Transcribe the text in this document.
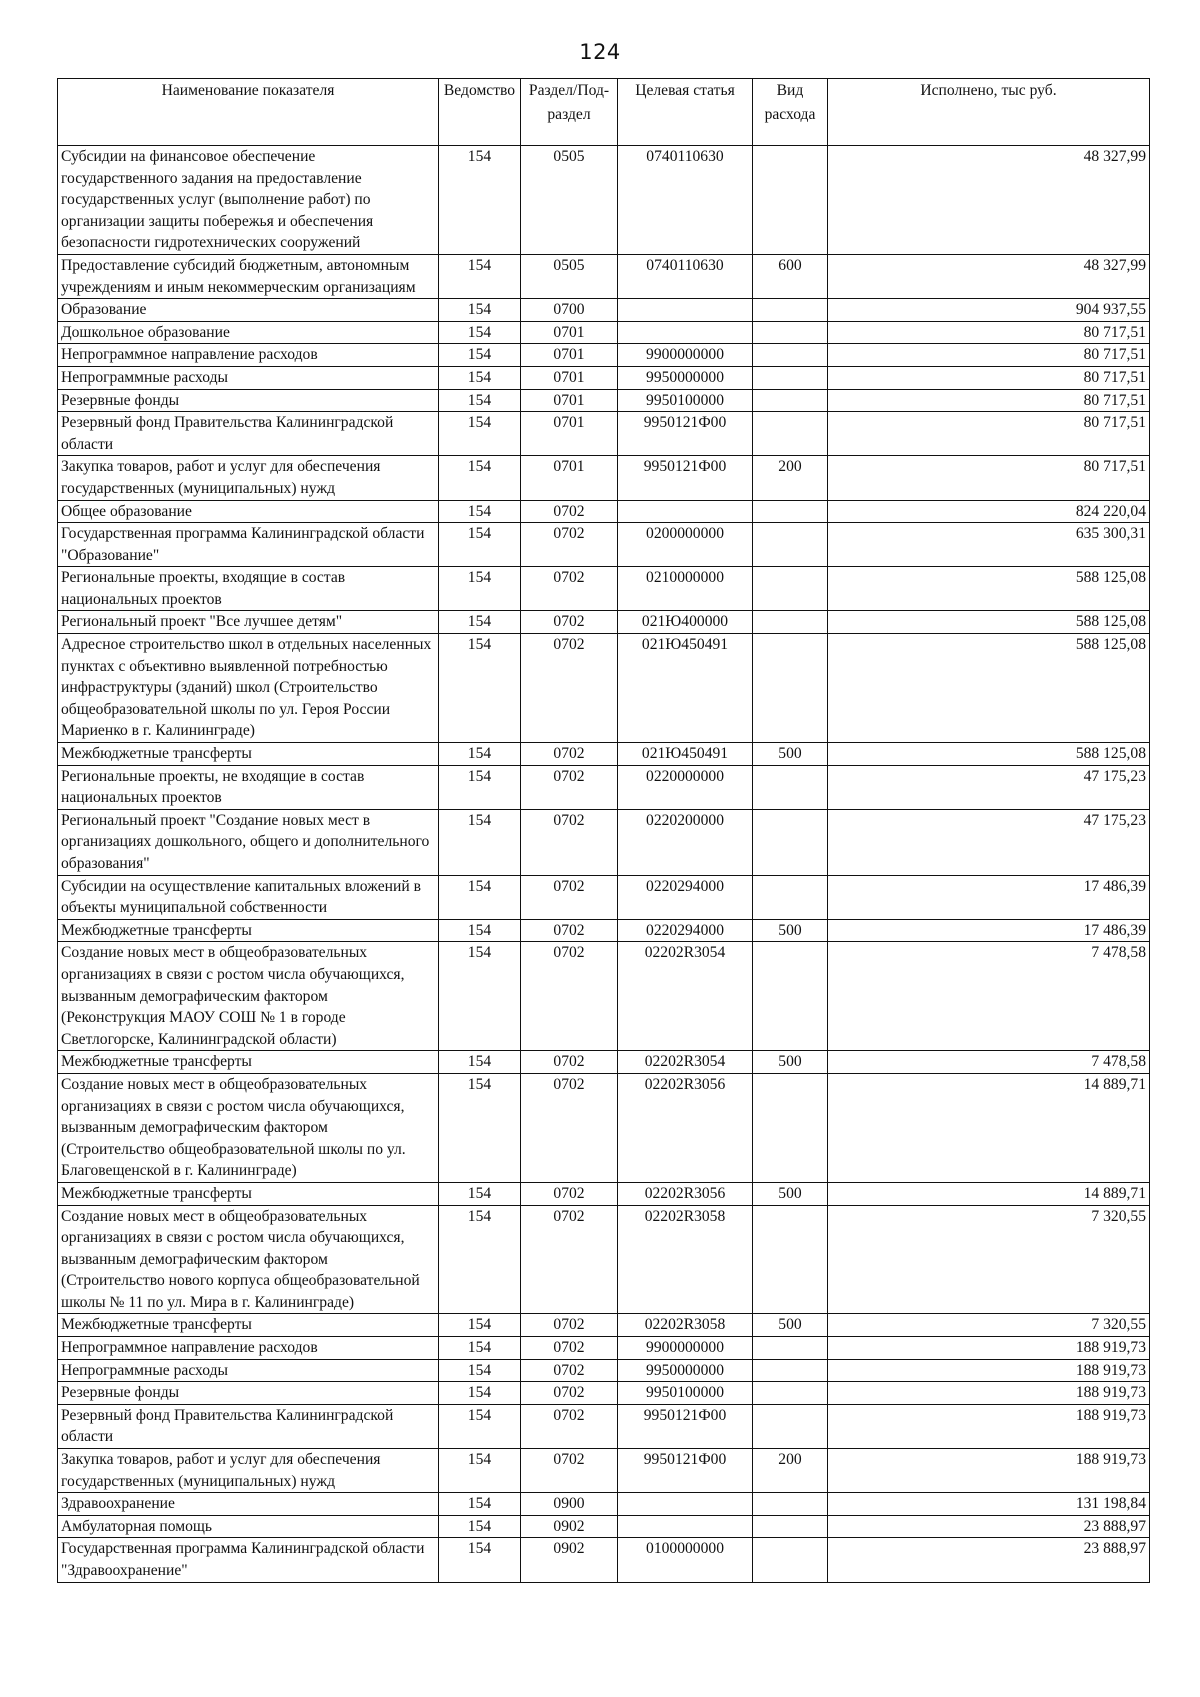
124
Наименование показателя	Ведомство	Раздел/Под-раздел	Целевая статья	Вид расхода	Исполнено, тыс руб.
Субсидии на финансовое обеспечение государственного задания на предоставление государственных услуг (выполнение работ) по организации защиты побережья и обеспечения безопасности гидротехнических сооружений	154	0505	0740110630		48 327,99
Предоставление субсидий бюджетным, автономным учреждениям и иным некоммерческим организациям	154	0505	0740110630	600	48 327,99
Образование	154	0700			904 937,55
Дошкольное образование	154	0701			80 717,51
Непрограммное направление расходов	154	0701	9900000000		80 717,51
Непрограммные расходы	154	0701	9950000000		80 717,51
Резервные фонды	154	0701	9950100000		80 717,51
Резервный фонд Правительства Калининградской области	154	0701	9950121Ф00		80 717,51
Закупка товаров, работ и услуг для обеспечения государственных (муниципальных) нужд	154	0701	9950121Ф00	200	80 717,51
Общее образование	154	0702			824 220,04
Государственная программа Калининградской области "Образование"	154	0702	0200000000		635 300,31
Региональные проекты, входящие в состав национальных проектов	154	0702	0210000000		588 125,08
Региональный проект "Все лучшее детям"	154	0702	021Ю400000		588 125,08
Адресное строительство школ в отдельных населенных пунктах с объективно выявленной потребностью инфраструктуры (зданий) школ (Строительство общеобразовательной школы по ул. Героя России Мариенко в г. Калининграде)	154	0702	021Ю450491		588 125,08
Межбюджетные трансферты	154	0702	021Ю450491	500	588 125,08
Региональные проекты, не входящие в состав национальных проектов	154	0702	0220000000		47 175,23
Региональный проект "Создание новых мест в организациях дошкольного, общего и дополнительного образования"	154	0702	0220200000		47 175,23
Субсидии на осуществление капитальных вложений в объекты муниципальной собственности	154	0702	0220294000		17 486,39
Межбюджетные трансферты	154	0702	0220294000	500	17 486,39
Создание новых мест в общеобразовательных организациях в связи с ростом числа обучающихся, вызванным демографическим фактором (Реконструкция МАОУ СОШ № 1 в городе Светлогорске, Калининградской области)	154	0702	02202R3054		7 478,58
Межбюджетные трансферты	154	0702	02202R3054	500	7 478,58
Создание новых мест в общеобразовательных организациях в связи с ростом числа обучающихся, вызванным демографическим фактором (Строительство общеобразовательной школы по ул. Благовещенской в г. Калининграде)	154	0702	02202R3056		14 889,71
Межбюджетные трансферты	154	0702	02202R3056	500	14 889,71
Создание новых мест в общеобразовательных организациях в связи с ростом числа обучающихся, вызванным демографическим фактором (Строительство нового корпуса общеобразовательной школы № 11 по ул. Мира в г. Калининграде)	154	0702	02202R3058		7 320,55
Межбюджетные трансферты	154	0702	02202R3058	500	7 320,55
Непрограммное направление расходов	154	0702	9900000000		188 919,73
Непрограммные расходы	154	0702	9950000000		188 919,73
Резервные фонды	154	0702	9950100000		188 919,73
Резервный фонд Правительства Калининградской области	154	0702	9950121Ф00		188 919,73
Закупка товаров, работ и услуг для обеспечения государственных (муниципальных) нужд	154	0702	9950121Ф00	200	188 919,73
Здравоохранение	154	0900			131 198,84
Амбулаторная помощь	154	0902			23 888,97
Государственная программа Калининградской области "Здравоохранение"	154	0902	0100000000		23 888,97
